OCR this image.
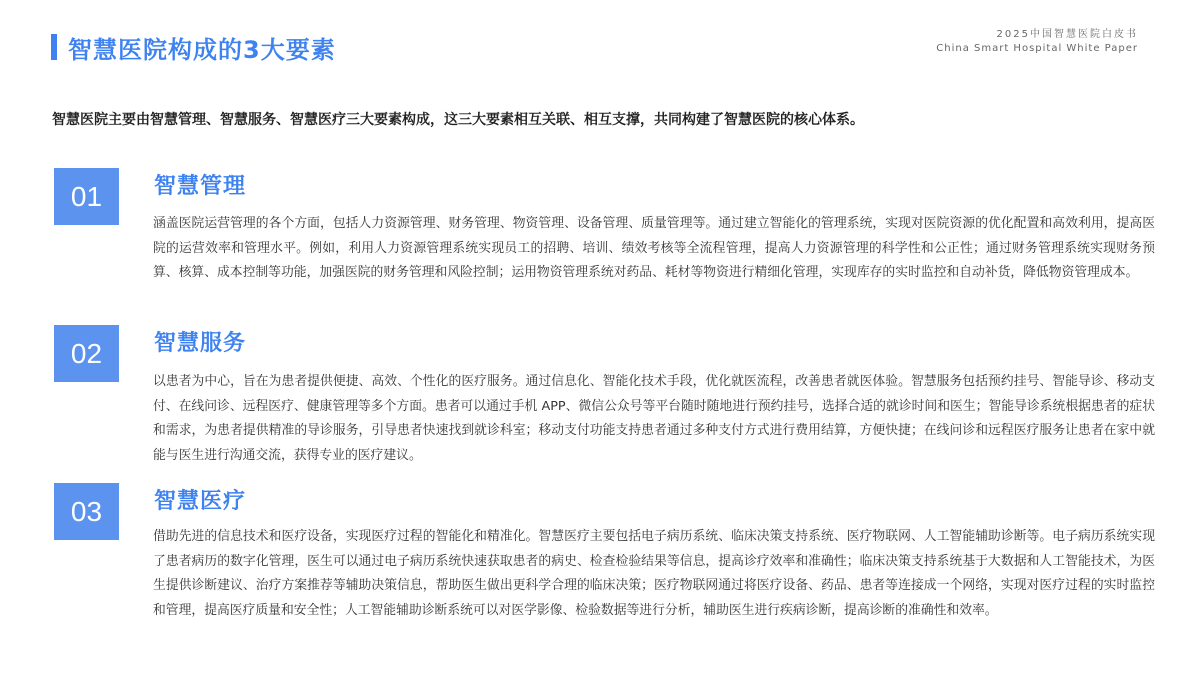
智慧医院构成的3大要素
2025中国智慧医院白皮书
China Smart Hospital White Paper
智慧医院主要由智慧管理、智慧服务、智慧医疗三大要素构成，这三大要素相互关联、相互支撑，共同构建了智慧医院的核心体系。
01	智慧管理
涵盖医院运营管理的各个方面，包括人力资源管理、财务管理、物资管理、设备管理、质量管理等。通过建立智能化的管理系统，实现对医院资源的优化配置和高效利用，提高医院的运营效率和管理水平。例如，利用人力资源管理系统实现员工的招聘、培训、绩效考核等全流程管理，提高人力资源管理的科学性和公正性；通过财务管理系统实现财务预算、核算、成本控制等功能，加强医院的财务管理和风险控制；运用物资管理系统对药品、耗材等物资进行精细化管理，实现库存的实时监控和自动补货，降低物资管理成本。
02	智慧服务
以患者为中心，旨在为患者提供便捷、高效、个性化的医疗服务。通过信息化、智能化技术手段，优化就医流程，改善患者就医体验。智慧服务包括预约挂号、智能导诊、移动支付、在线问诊、远程医疗、健康管理等多个方面。患者可以通过手机 APP、微信公众号等平台随时随地进行预约挂号，选择合适的就诊时间和医生；智能导诊系统根据患者的症状和需求，为患者提供精准的导诊服务，引导患者快速找到就诊科室；移动支付功能支持患者通过多种支付方式进行费用结算，方便快捷；在线问诊和远程医疗服务让患者在家中就能与医生进行沟通交流，获得专业的医疗建议。
03	智慧医疗
借助先进的信息技术和医疗设备，实现医疗过程的智能化和精准化。智慧医疗主要包括电子病历系统、临床决策支持系统、医疗物联网、人工智能辅助诊断等。电子病历系统实现了患者病历的数字化管理，医生可以通过电子病历系统快速获取患者的病史、检查检验结果等信息，提高诊疗效率和准确性；临床决策支持系统基于大数据和人工智能技术，为医生提供诊断建议、治疗方案推荐等辅助决策信息，帮助医生做出更科学合理的临床决策；医疗物联网通过将医疗设备、药品、患者等连接成一个网络，实现对医疗过程的实时监控和管理，提高医疗质量和安全性；人工智能辅助诊断系统可以对医学影像、检验数据等进行分析，辅助医生进行疾病诊断，提高诊断的准确性和效率。
